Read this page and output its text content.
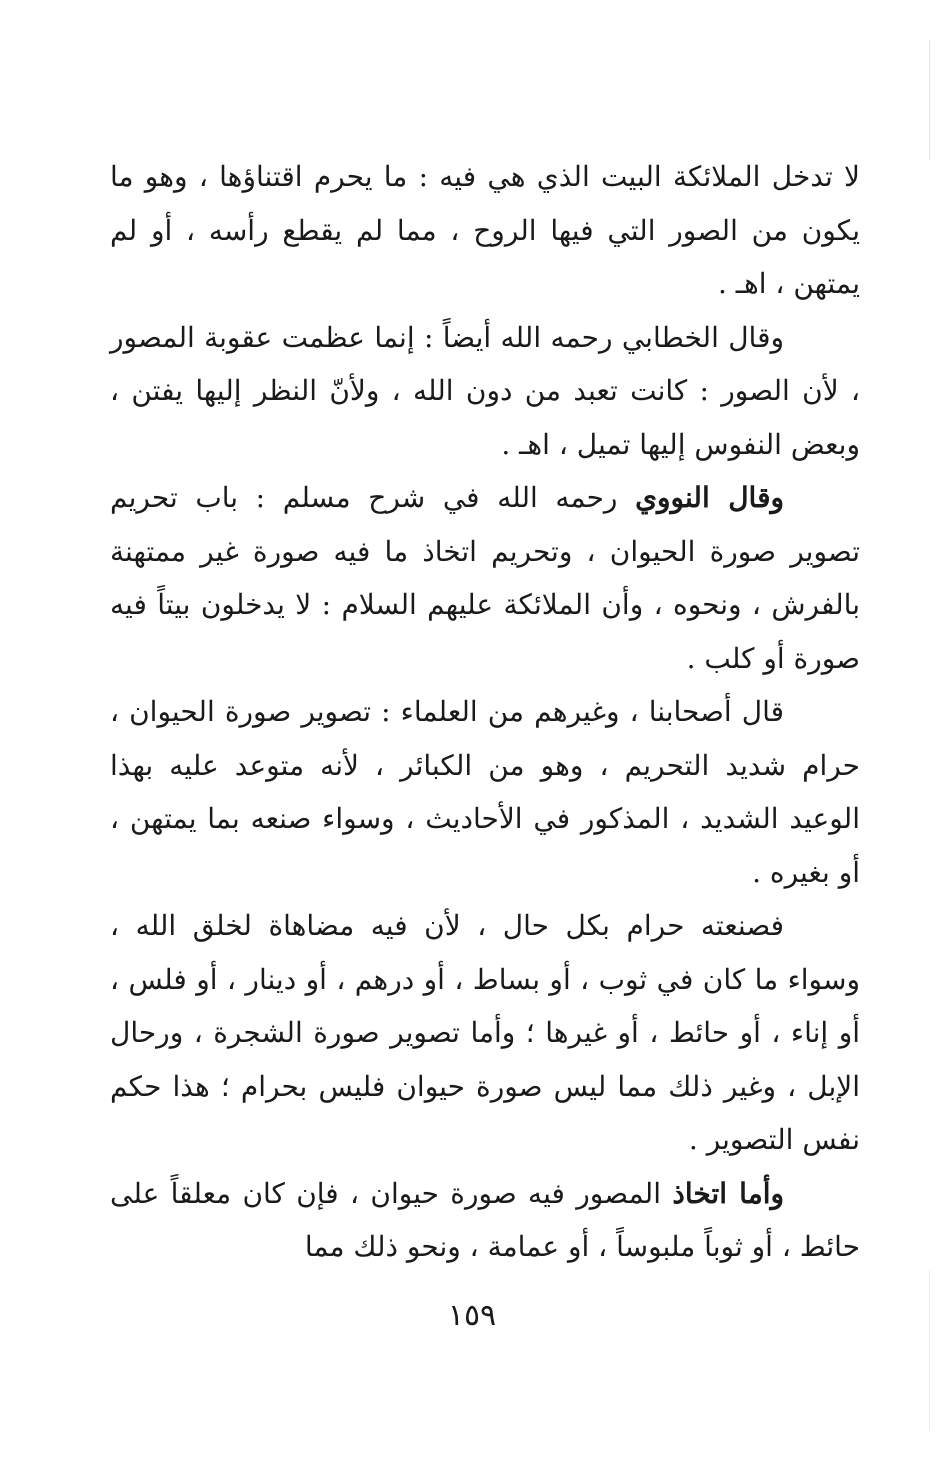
لا تدخل الملائكة البيت الذي هي فيه : ما يحرم اقتناؤها ، وهو ما يكون من الصور التي فيها الروح ، مما لم يقطع رأسه ، أو لم يمتهن ، اهـ .

وقال الخطابي رحمه الله أيضاً : إنما عظمت عقوبة المصور ، لأن الصور : كانت تعبد من دون الله ، ولأنّ النظر إليها يفتن ، وبعض النفوس إليها تميل ، اهـ .

وقال النووي رحمه الله في شرح مسلم : باب تحريم تصوير صورة الحيوان ، وتحريم اتخاذ ما فيه صورة غير ممتهنة بالفرش ، ونحوه ، وأن الملائكة عليهم السلام : لا يدخلون بيتاً فيه صورة أو كلب .

قال أصحابنا ، وغيرهم من العلماء : تصوير صورة الحيوان ، حرام شديد التحريم ، وهو من الكبائر ، لأنه متوعد عليه بهذا الوعيد الشديد ، المذكور في الأحاديث ، وسواء صنعه بما يمتهن ، أو بغيره .

فصنعته حرام بكل حال ، لأن فيه مضاهاة لخلق الله ، وسواء ما كان في ثوب ، أو بساط ، أو درهم ، أو دينار ، أو فلس ، أو إناء ، أو حائط ، أو غيرها ؛ وأما تصوير صورة الشجرة ، ورحال الإبل ، وغير ذلك مما ليس صورة حيوان فليس بحرام ؛ هذا حكم نفس التصوير .

وأما اتخاذ المصور فيه صورة حيوان ، فإن كان معلقاً على حائط ، أو ثوباً ملبوساً ، أو عمامة ، ونحو ذلك مما

١٥٩
